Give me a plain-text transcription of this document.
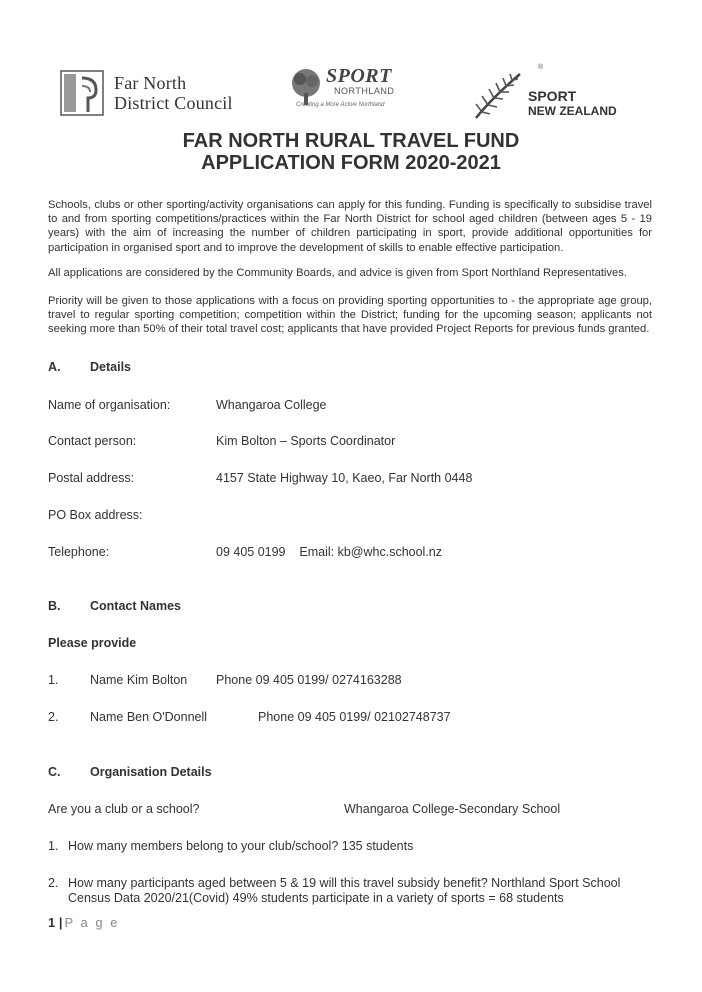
Far North
District Council
SPORT
NORTHLAND
Creating a More Active Northland
SPORT
NEW ZEALAND
®
FAR NORTH RURAL TRAVEL FUND
APPLICATION FORM 2020-2021

Schools, clubs or other sporting/activity organisations can apply for this funding. Funding is specifically to subsidise travel to and from sporting competitions/practices within the Far North District for school aged children (between ages 5 - 19 years) with the aim of increasing the number of children participating in sport, provide additional opportunities for participation in organised sport and to improve the development of skills to enable effective participation.

All applications are considered by the Community Boards, and advice is given from Sport Northland Representatives.

Priority will be given to those applications with a focus on providing sporting opportunities to - the appropriate age group, travel to regular sporting competition; competition within the District; funding for the upcoming season; applicants not seeking more than 50% of their total travel cost; applicants that have provided Project Reports for previous funds granted.

A. Details
Name of organisation:	Whangaroa College
Contact person:	Kim Bolton – Sports Coordinator
Postal address:	4157 State Highway 10, Kaeo, Far North 0448
PO Box address:
Telephone:	09 405 0199    Email: kb@whc.school.nz
B. Contact Names
Please provide
1.	Name Kim Bolton Phone 09 405 0199/ 0274163288
2.	Name Ben O'Donnell	Phone 09 405 0199/ 02102748737
C. Organisation Details
Are you a club or a school?	Whangaroa College-Secondary School
1. How many members belong to your club/school? 135 students
2. How many participants aged between 5 & 19 will this travel subsidy benefit? Northland Sport School
Census Data 2020/21(Covid) 49% students participate in a variety of sports = 68 students
1 | P a g e
